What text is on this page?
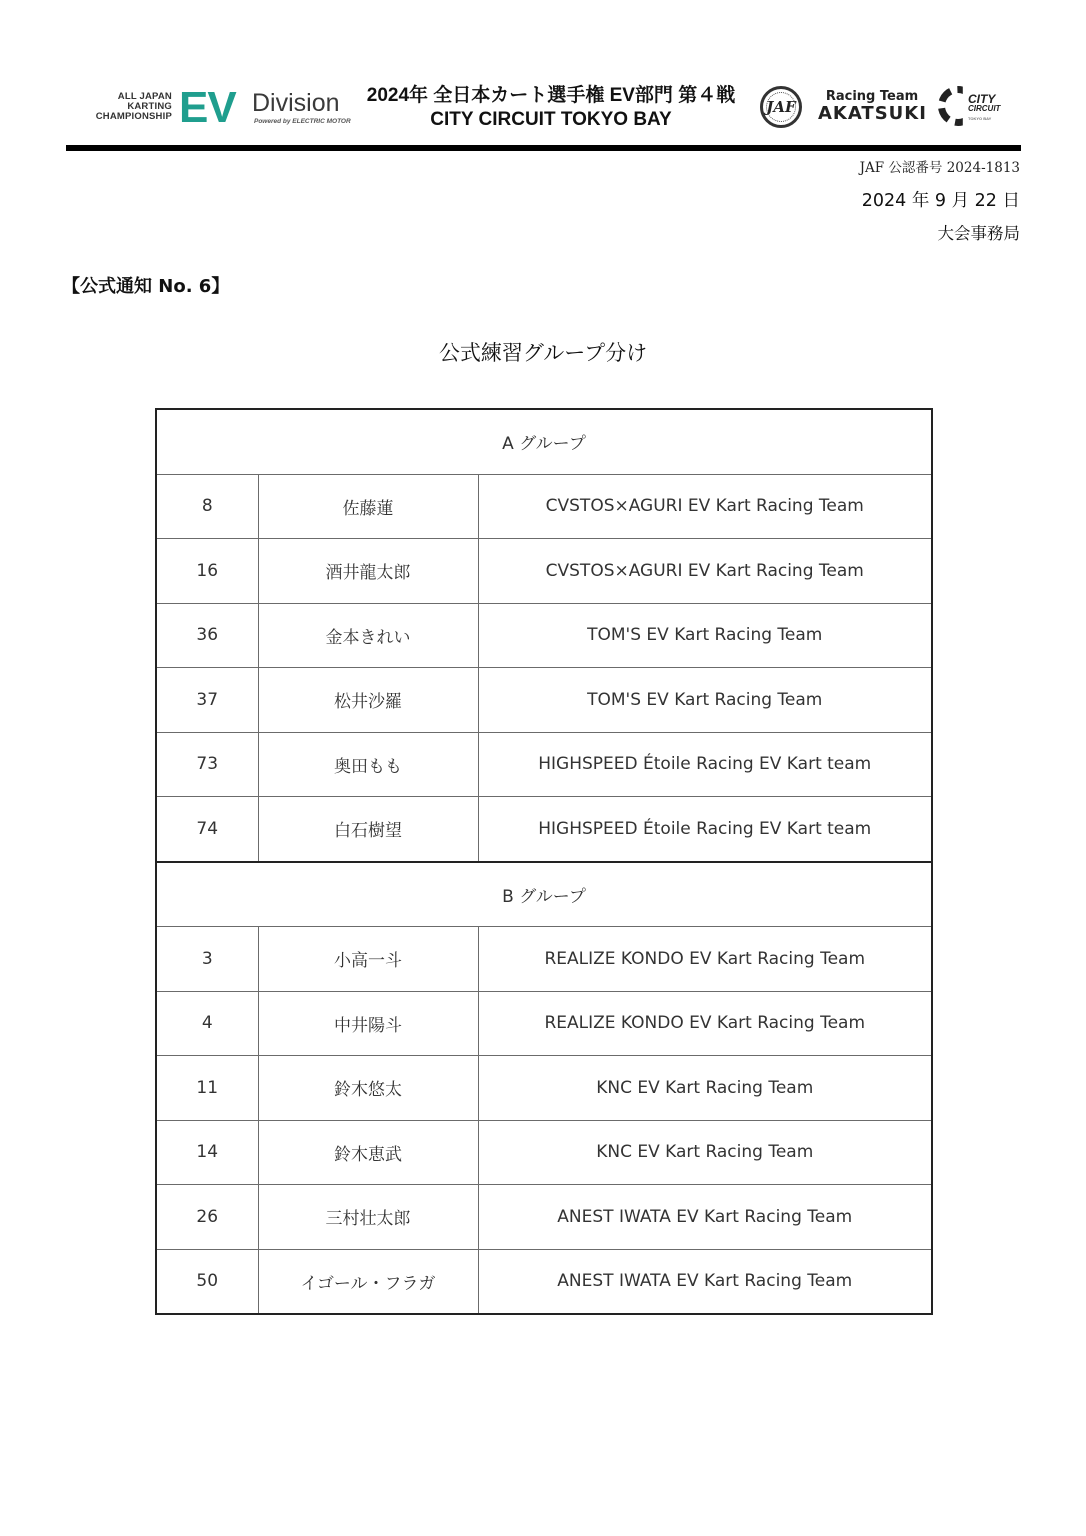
ALL JAPAN
KARTING
CHAMPIONSHIP EV Division
Powered by ELECTRIC MOTOR
2024年 全日本カート選手権 EV部門 第４戦
CITY CIRCUIT TOKYO BAY
JAF
Racing Team
AKATSUKI
CITY
CIRCUIT
TOKYO BAY
JAF 公認番号 2024-1813
2024 年 9 月 22 日
大会事務局
【公式通知 No. 6】
公式練習グループ分け
A グループ		
8	佐藤蓮	CVSTOS×AGURI EV Kart Racing Team
16	酒井龍太郎	CVSTOS×AGURI EV Kart Racing Team
36	金本きれい	TOM'S EV Kart Racing Team
37	松井沙羅	TOM'S EV Kart Racing Team
73	奥田もも	HIGHSPEED Étoile Racing EV Kart team
74	白石樹望	HIGHSPEED Étoile Racing EV Kart team
B グループ		
3	小高一斗	REALIZE KONDO EV Kart Racing Team
4	中井陽斗	REALIZE KONDO EV Kart Racing Team
11	鈴木悠太	KNC EV Kart Racing Team
14	鈴木恵武	KNC EV Kart Racing Team
26	三村壮太郎	ANEST IWATA EV Kart Racing Team
50	イゴール・フラガ	ANEST IWATA EV Kart Racing Team
